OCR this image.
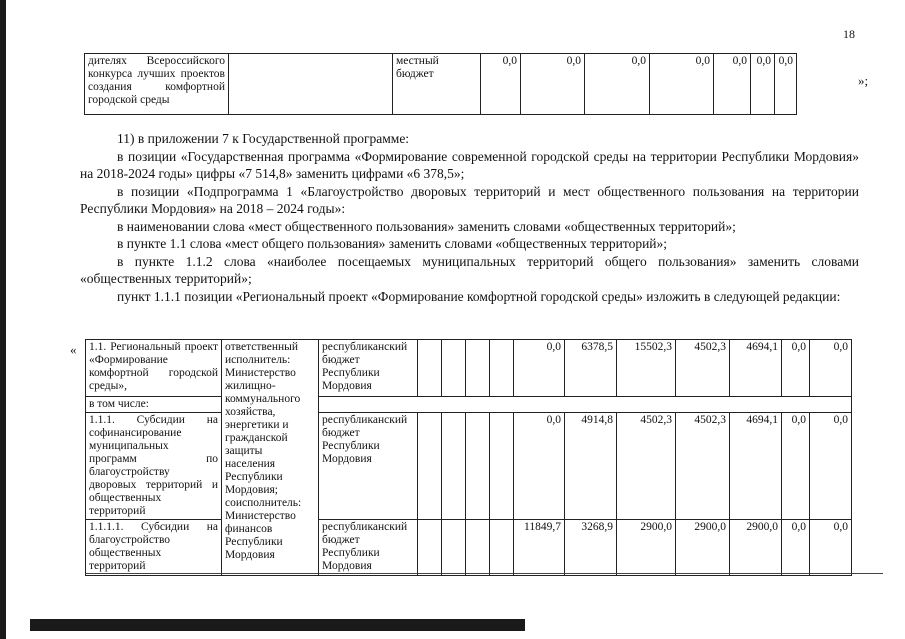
18
дителях Всероссийского конкурса лучших проектов создания комфортной городской среды		местный бюджет	0,0	0,0	0,0	0,0	0,0	0,0	0,0
»;

11) в приложении 7 к Государственной программе:

в позиции «Государственная программа «Формирование современной городской среды на территории Республики Мордовия» на 2018-2024 годы» цифры «7 514,8» заменить цифрами «6 378,5»;

в позиции «Подпрограмма 1 «Благоустройство дворовых территорий и мест общественного пользования на территории Республики Мордовия» на 2018 – 2024 годы»:

в наименовании слова «мест общественного пользования» заменить словами «общественных территорий»;

в пункте 1.1 слова «мест общего пользования» заменить словами «общественных территорий»;

в пункте 1.1.2 слова «наиболее посещаемых муниципальных территорий общего пользования» заменить словами «общественных территорий»;

пункт 1.1.1 позиции «Региональный проект «Формирование комфортной городской среды» изложить в следующей редакции:

« 1.1. Региональный проект «Формирование комфортной городской среды»,	ответственный исполнитель: Министерство жилищно-коммунального хозяйства, энергетики и гражданской защиты населения Республики Мордовия; соисполнитель: Министерство финансов Республики Мордовия	республиканский бюджет Республики Мордовия					0,0	6378,5	15502,3	4502,3	4694,1	0,0	0,0
в том числе:													
1.1.1. Субсидии на софинансирование муниципальных программ по благоустройству дворовых территорий и общественных территорий		республиканский бюджет Республики Мордовия					0,0	4914,8	4502,3	4502,3	4694,1	0,0	0,0
1.1.1.1. Субсидии на благоустройство общественных территорий		республиканский бюджет Республики Мордовия					11849,7	3268,9	2900,0	2900,0	2900,0	0,0	0,0
